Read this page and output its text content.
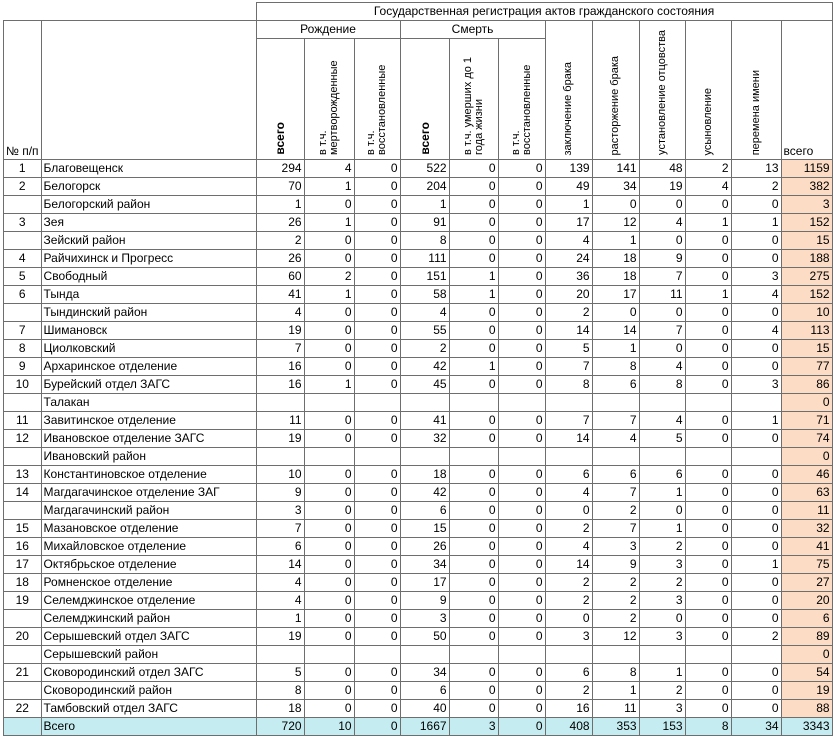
		Государственная регистрация актов гражданского состояния											
№ п/п		Рождение			Смерть			заключение брака	расторжение брака	установление отцовства	усыновление	перемена имени	всего

		всего	в т.ч. мертворожденные	в т.ч. восстановленные	всего	в т.ч. умерших до 1 года жизни	в т.ч. восстановленные						

1	Благовещенск	294	4	0	522	0	0	139	141	48	2	13	1159
2	Белогорск	70	1	0	204	0	0	49	34	19	4	2	382
	Белогорский район	1	0	0	1	0	0	1	0	0	0	0	3
3	Зея	26	1	0	91	0	0	17	12	4	1	1	152
	Зейский район	2	0	0	8	0	0	4	1	0	0	0	15
4	Райчихинск и Прогресс	26	0	0	111	0	0	24	18	9	0	0	188
5	Свободный	60	2	0	151	1	0	36	18	7	0	3	275
6	Тында	41	1	0	58	1	0	20	17	11	1	4	152
	Тындинский район	4	0	0	4	0	0	2	0	0	0	0	10
7	Шимановск	19	0	0	55	0	0	14	14	7	0	4	113
8	Циолковский	7	0	0	2	0	0	5	1	0	0	0	15
9	Архаринское отделение	16	0	0	42	1	0	7	8	4	0	0	77
10	Бурейский отдел ЗАГС	16	1	0	45	0	0	8	6	8	0	3	86
	Талакан												0
11	Завитинское отделение	11	0	0	41	0	0	7	7	4	0	1	71
12	Ивановское отделение ЗАГС	19	0	0	32	0	0	14	4	5	0	0	74
	Ивановский район												0
13	Константиновское отделение	10	0	0	18	0	0	6	6	6	0	0	46
14	Магдагачинское отделение ЗАГ	9	0	0	42	0	0	4	7	1	0	0	63
	Магдагачинский район	3	0	0	6	0	0	0	2	0	0	0	11
15	Мазановское отделение	7	0	0	15	0	0	2	7	1	0	0	32
16	Михайловское отделение	6	0	0	26	0	0	4	3	2	0	0	41
17	Октябрьское отделение	14	0	0	34	0	0	14	9	3	0	1	75
18	Ромненское отделение	4	0	0	17	0	0	2	2	2	0	0	27
19	Селемджинское отделение	4	0	0	9	0	0	2	2	3	0	0	20
	Селемджинский район	1	0	0	3	0	0	0	2	0	0	0	6
20	Серышевский отдел ЗАГС	19	0	0	50	0	0	3	12	3	0	2	89
	Серышевский район												0
21	Сковородинский отдел ЗАГС	5	0	0	34	0	0	6	8	1	0	0	54
	Сковородинский район	8	0	0	6	0	0	2	1	2	0	0	19
22	Тамбовский отдел ЗАГС	18	0	0	40	0	0	16	11	3	0	0	88
	Всего	720	10	0	1667	3	0	408	353	153	8	34	3343
